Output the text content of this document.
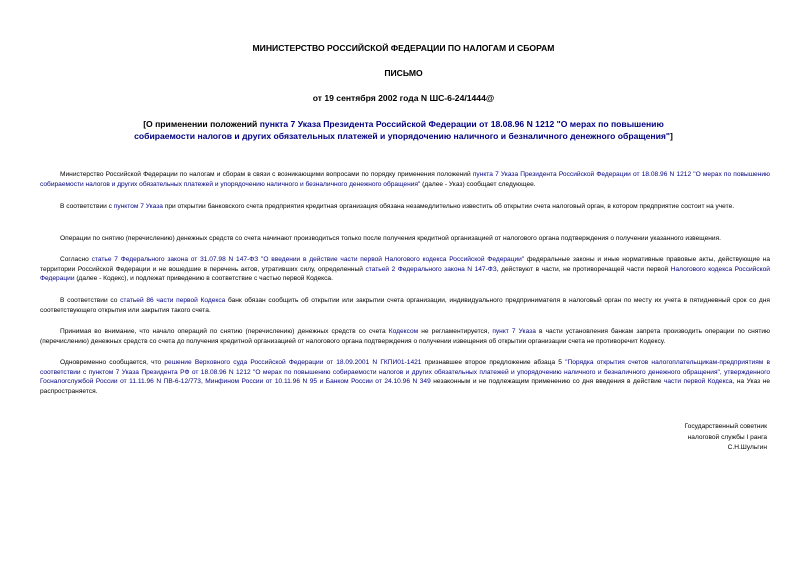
МИНИСТЕРСТВО РОССИЙСКОЙ ФЕДЕРАЦИИ ПО НАЛОГАМ И СБОРАМ
ПИСЬМО
от 19 сентября 2002 года N ШС-6-24/1444@
[О применении положений пункта 7 Указа Президента Российской Федерации от 18.08.96 N 1212 "О мерах по повышению собираемости налогов и других обязательных платежей и упорядочению наличного и безналичного денежного обращения"]
Министерство Российской Федерации по налогам и сборам в связи с возникающими вопросами по порядку применения положений пункта 7 Указа Президента Российской Федерации от 18.08.96 N 1212 "О мерах по повышению собираемости налогов и других обязательных платежей и упорядочению наличного и безналичного денежного обращения" (далее - Указ) сообщает следующее.
В соответствии с пунктом 7 Указа при открытии банковского счета предприятия кредитная организация обязана незамедлительно известить об открытии счета налоговый орган, в котором предприятие состоит на учете.
Операции по снятию (перечислению) денежных средств со счета начинают производиться только после получения кредитной организацией от налогового органа подтверждения о получении указанного извещения.
Согласно статье 7 Федерального закона от 31.07.98 N 147-ФЗ "О введении в действие части первой Налогового кодекса Российской Федерации" федеральные законы и иные нормативные правовые акты, действующие на территории Российской Федерации и не вошедшие в перечень актов, утративших силу, определенный статьей 2 Федерального закона N 147-ФЗ, действуют в части, не противоречащей части первой Налогового кодекса Российской Федерации (далее - Кодекс), и подлежат приведению в соответствие с частью первой Кодекса.
В соответствии со статьей 86 части первой Кодекса банк обязан сообщить об открытии или закрытии счета организации, индивидуального предпринимателя в налоговый орган по месту их учета в пятидневный срок со дня соответствующего открытия или закрытия такого счета.
Принимая во внимание, что начало операций по снятию (перечислению) денежных средств со счета Кодексом не регламентируется, пункт 7 Указа в части установления банкам запрета производить операции по снятию (перечислению) денежных средств со счета до получения кредитной организацией от налогового органа подтверждения о получении извещения об открытии организации счета не противоречит Кодексу.
Одновременно сообщается, что решение Верховного суда Российской Федерации от 18.09.2001 N ГКПИ01-1421 признавшее второе предложение абзаца 5 "Порядка открытия счетов налогоплательщикам-предприятиям в соответствии с пунктом 7 Указа Президента РФ от 18.08.96 N 1212 "О мерах по повышению собираемости налогов и других обязательных платежей и упорядочению наличного и безналичного денежного обращения", утвержденного Госналогслужбой России от 11.11.96 N ПВ-6-12/773, Минфином России от 10.11.96 N 95 и Банком России от 24.10.96 N 349 незаконным и не подлежащим применению со дня введения в действие части первой Кодекса, на Указ не распространяется.
Государственный советник
налоговой службы I ранга
С.Н.Шульгин
